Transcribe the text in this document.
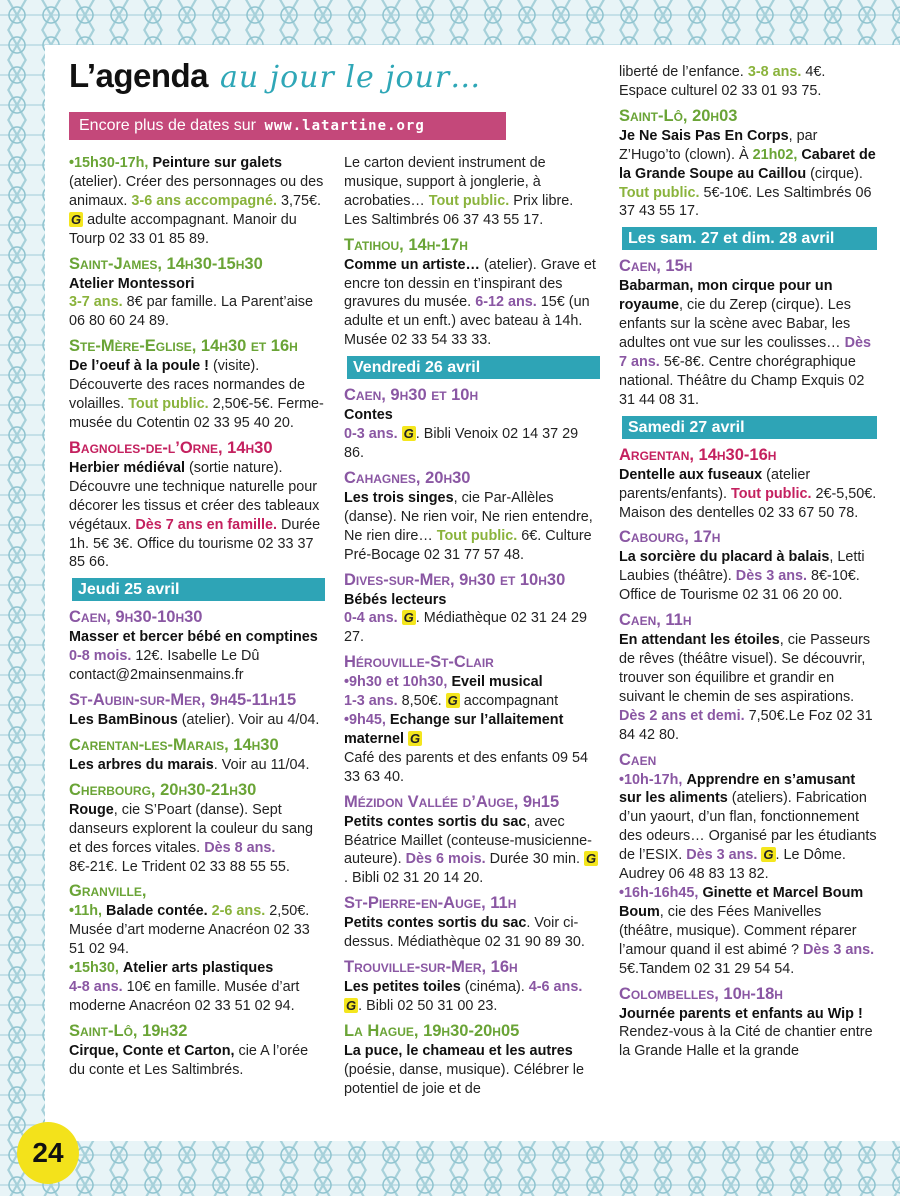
L’agenda au jour le jour…
Encore plus de dates sur www.latartine.org
•15h30-17h, Peinture sur galets (atelier). Créer des personnages ou des animaux. 3-6 ans accompagné. 3,75€. G adulte accompagnant. Manoir du Tourp 02 33 01 85 89.
Saint-James, 14h30-15h30
Atelier Montessori
3-7 ans. 8€ par famille. La Parent’aise 06 80 60 24 89.
Ste-Mère-Eglise, 14h30 et 16h
De l’oeuf à la poule ! (visite). Découverte des races normandes de volailles. Tout public. 2,50€-5€. Ferme-musée du Cotentin 02 33 95 40 20.
Bagnoles-de-l’Orne, 14h30
Herbier médiéval (sortie nature). Découvre une technique naturelle pour décorer les tissus et créer des tableaux végétaux. Dès 7 ans en famille. Durée 1h. 5€ 3€. Office du tourisme 02 33 37 85 66.
Jeudi 25 avril
Caen, 9h30-10h30
Masser et bercer bébé en comptines
0-8 mois. 12€. Isabelle Le Dû contact@2mainsenmains.fr
St-Aubin-sur-Mer, 9h45-11h15
Les BamBinous (atelier). Voir au 4/04.
Carentan-les-Marais, 14h30
Les arbres du marais. Voir au 11/04.
Cherbourg, 20h30-21h30
Rouge, cie S’Poart (danse). Sept danseurs explorent la couleur du sang et des forces vitales. Dès 8 ans. 8€-21€. Le Trident 02 33 88 55 55.
Granville,
•11h, Balade contée. 2-6 ans. 2,50€. Musée d’art moderne Anacréon 02 33 51 02 94.
•15h30, Atelier arts plastiques
4-8 ans. 10€ en famille. Musée d’art moderne Anacréon 02 33 51 02 94.
Saint-Lô, 19h32
Cirque, Conte et Carton, cie A l’orée du conte et Les Saltimbrés.
Le carton devient instrument de musique, support à jonglerie, à acrobaties… Tout public. Prix libre. Les Saltimbrés 06 37 43 55 17.
Tatihou, 14h-17h
Comme un artiste… (atelier). Grave et encre ton dessin en t’inspirant des gravures du musée. 6-12 ans. 15€ (un adulte et un enft.) avec bateau à 14h. Musée 02 33 54 33 33.
Vendredi 26 avril
Caen, 9h30 et 10h
Contes
0-3 ans. G . Bibli Venoix 02 14 37 29 86.
Cahagnes, 20h30
Les trois singes, cie Par-Allèles (danse). Ne rien voir, Ne rien entendre, Ne rien dire… Tout public. 6€. Culture Pré-Bocage 02 31 77 57 48.
Dives-sur-Mer, 9h30 et 10h30
Bébés lecteurs
0-4 ans. G . Médiathèque 02 31 24 29 27.
Hérouville-St-Clair
•9h30 et 10h30, Eveil musical
1-3 ans. 8,50€. G accompagnant
•9h45, Echange sur l’allaitement maternel G
Café des parents et des enfants 09 54 33 63 40.
Mézidon Vallée d’Auge, 9h15
Petits contes sortis du sac, avec Béatrice Maillet (conteuse-musicienne-auteure). Dès 6 mois. Durée 30 min. G. Bibli 02 31 20 14 20.
St-Pierre-en-Auge, 11h
Petits contes sortis du sac. Voir ci-dessus. Médiathèque 02 31 90 89 30.
Trouville-sur-Mer, 16h
Les petites toiles (cinéma). 4-6 ans. G . Bibli 02 50 31 00 23.
La Hague, 19h30-20h05
La puce, le chameau et les autres (poésie, danse, musique). Célébrer le potentiel de joie et de
liberté de l’enfance. 3-8 ans. 4€. Espace culturel 02 33 01 93 75.
Saint-Lô, 20h03
Je Ne Sais Pas En Corps, par Z’Hugo’to (clown). À 21h02, Cabaret de la Grande Soupe au Caillou (cirque). Tout public. 5€-10€. Les Saltimbrés 06 37 43 55 17.
Les sam. 27 et dim. 28 avril
Caen, 15h
Babarman, mon cirque pour un royaume, cie du Zerep (cirque). Les enfants sur la scène avec Babar, les adultes ont vue sur les coulisses… Dès 7 ans. 5€-8€. Centre chorégraphique national. Théâtre du Champ Exquis 02 31 44 08 31.
Samedi 27 avril
Argentan, 14h30-16h
Dentelle aux fuseaux (atelier parents/enfants). Tout public. 2€-5,50€. Maison des dentelles 02 33 67 50 78.
Cabourg, 17h
La sorcière du placard à balais, Letti Laubies (théâtre). Dès 3 ans. 8€-10€. Office de Tourisme 02 31 06 20 00.
Caen, 11h
En attendant les étoiles, cie Passeurs de rêves (théâtre visuel). Se découvrir, trouver son équilibre et grandir en suivant le chemin de ses aspirations. Dès 2 ans et demi. 7,50€.Le Foz 02 31 84 42 80.
Caen
•10h-17h, Apprendre en s’amusant sur les aliments (ateliers). Fabrication d’un yaourt, d’un flan, fonctionnement des odeurs… Organisé par les étudiants de l’ESIX. Dès 3 ans. G . Le Dôme. Audrey 06 48 83 13 82.
•16h-16h45, Ginette et Marcel Boum Boum, cie des Fées Manivelles (théâtre, musique). Comment réparer l’amour quand il est abimé ? Dès 3 ans. 5€.Tandem 02 31 29 54 54.
Colombelles, 10h-18h
Journée parents et enfants au Wip !
Rendez-vous à la Cité de chantier entre la Grande Halle et la grande
24
